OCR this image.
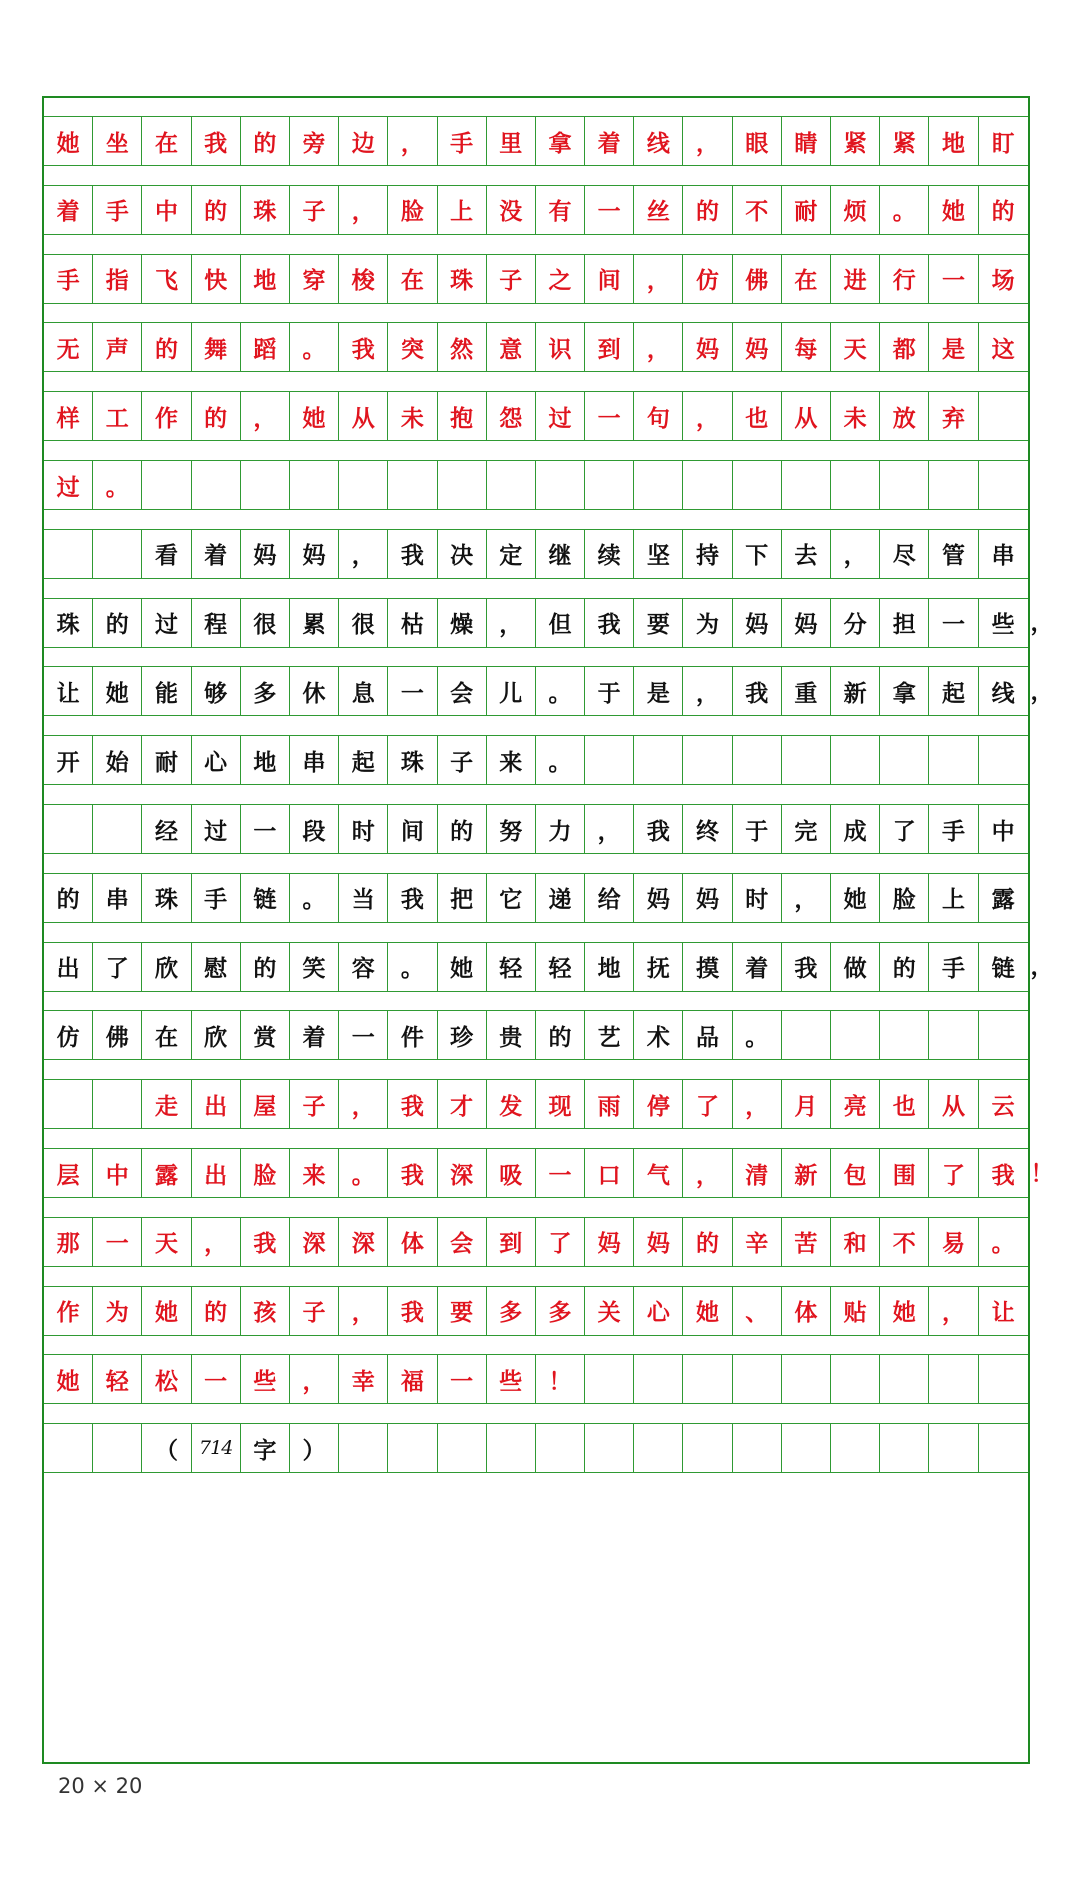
她	坐	在	我	的	旁	边	，	手	里	拿	着	线	，	眼	睛	紧	紧	地	盯
着	手	中	的	珠	子	，	脸	上	没	有	一	丝	的	不	耐	烦	。	她	的
手	指	飞	快	地	穿	梭	在	珠	子	之	间	，	仿	佛	在	进	行	一	场
无	声	的	舞	蹈	。	我	突	然	意	识	到	，	妈	妈	每	天	都	是	这
样	工	作	的	，	她	从	未	抱	怨	过	一	句	，	也	从	未	放	弃
过	。
看	着	妈	妈	，	我	决	定	继	续	坚	持	下	去	，	尽	管	串
珠	的	过	程	很	累	很	枯	燥	，	但	我	要	为	妈	妈	分	担	一	些
让	她	能	够	多	休	息	一	会	儿	。	于	是	，	我	重	新	拿	起	线
开	始	耐	心	地	串	起	珠	子	来	。
经	过	一	段	时	间	的	努	力	，	我	终	于	完	成	了	手	中
的	串	珠	手	链	。	当	我	把	它	递	给	妈	妈	时	，	她	脸	上	露
出	了	欣	慰	的	笑	容	。	她	轻	轻	地	抚	摸	着	我	做	的	手	链
仿	佛	在	欣	赏	着	一	件	珍	贵	的	艺	术	品	。
走	出	屋	子	，	我	才	发	现	雨	停	了	，	月	亮	也	从	云
层	中	露	出	脸	来	。	我	深	吸	一	口	气	，	清	新	包	围	了	我
那	一	天	，	我	深	深	体	会	到	了	妈	妈	的	辛	苦	和	不	易	。
作	为	她	的	孩	子	，	我	要	多	多	关	心	她	、	体	贴	她	，	让
她	轻	松	一	些	，	幸	福	一	些	！
（	714 字	）
20 × 20
，
，
，
！
